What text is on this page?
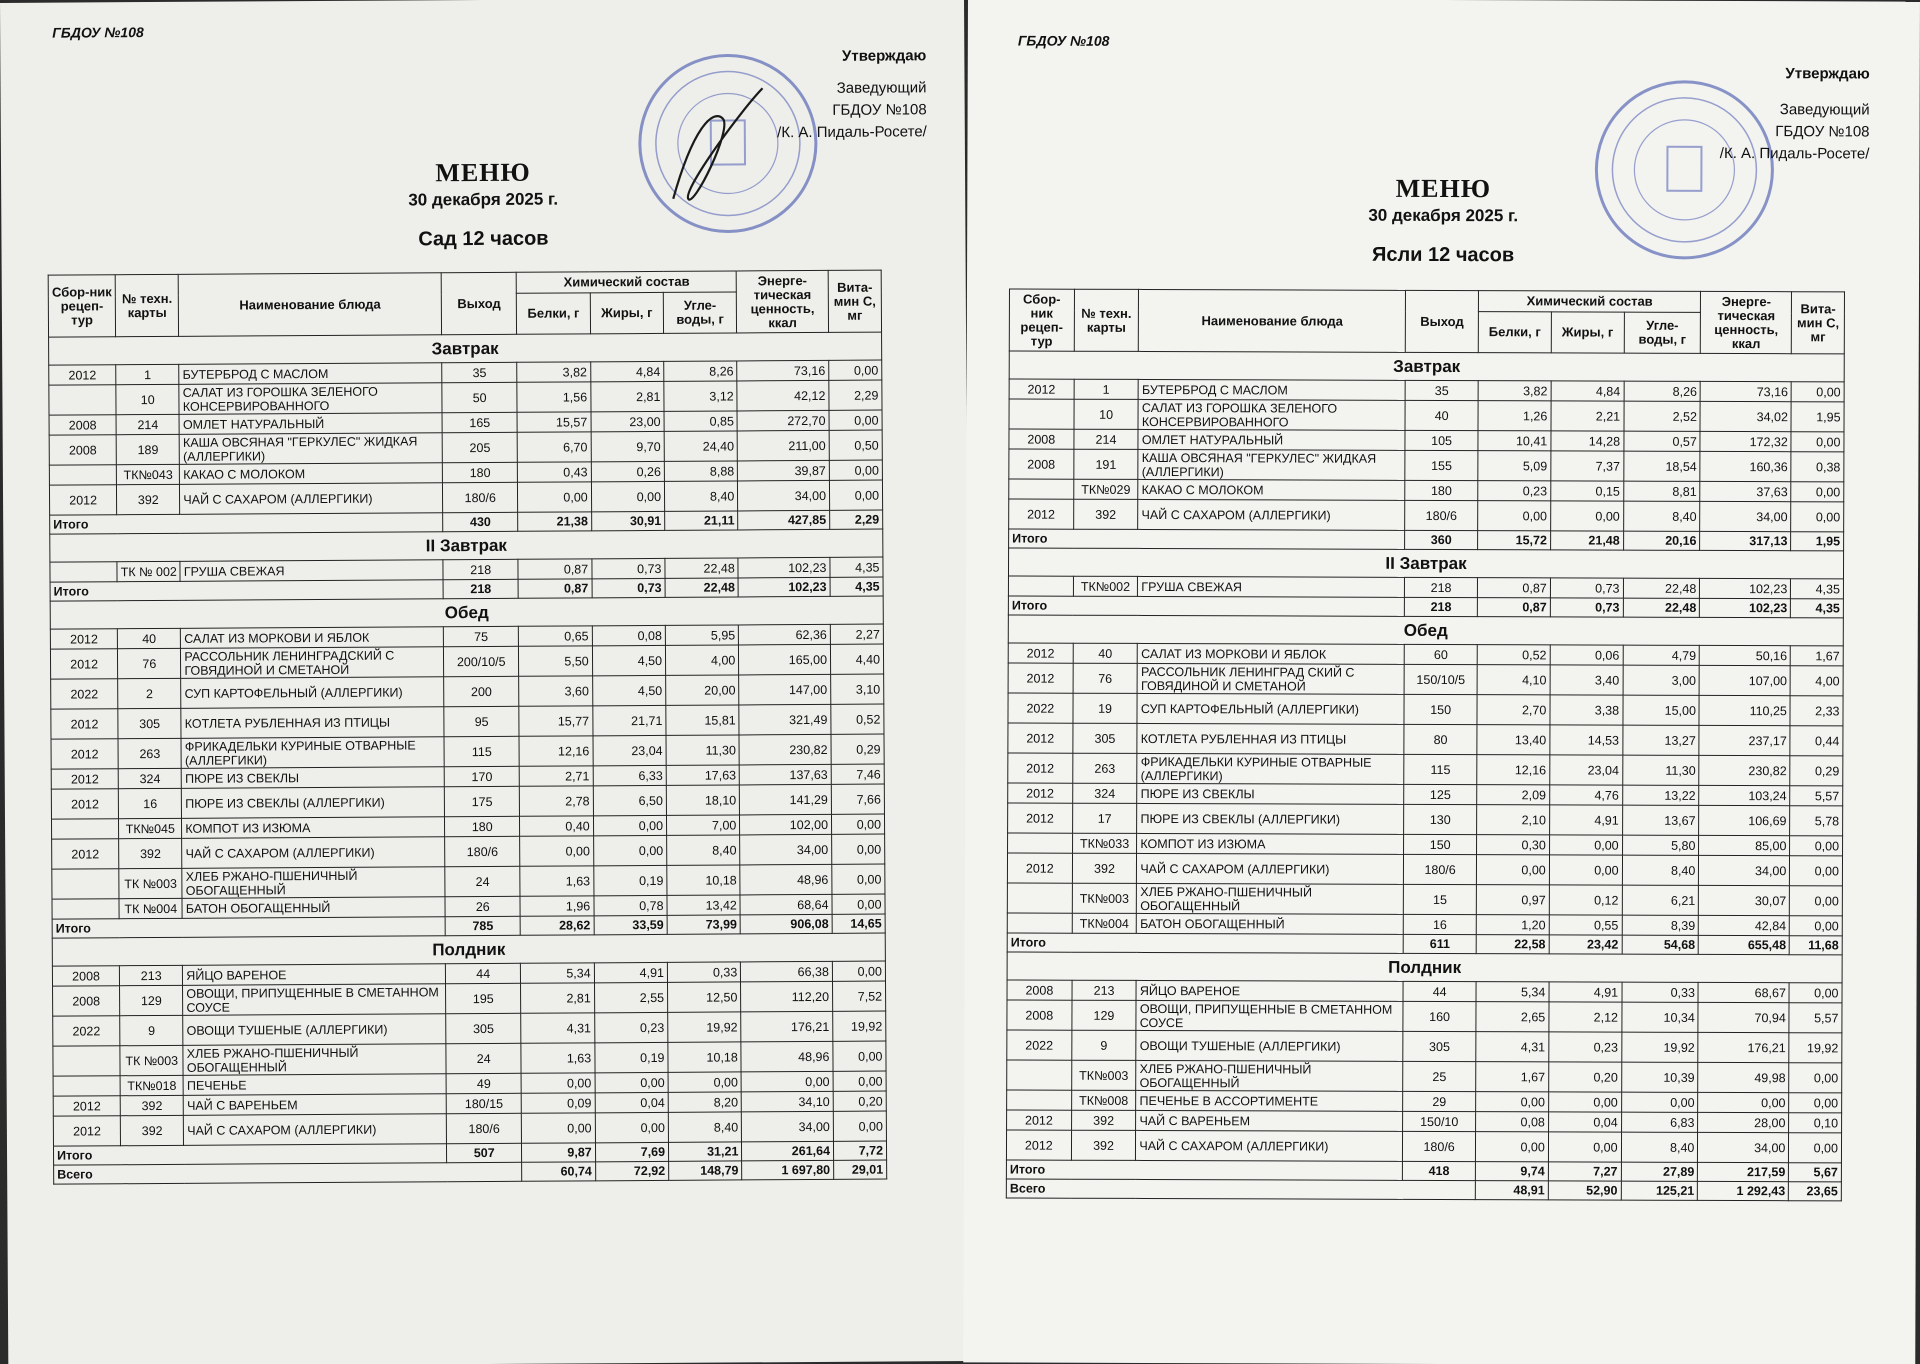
ГБДОУ №108
Утверждаю
Заведующий
ГБДОУ №108
/К. А. Пидаль-Росете/
МЕНЮ
30 декабря 2025 г.
Сад 12 часов
Сбор-ник рецеп-тур	№ техн. карты	Наименование блюда	Выход	Химический состав			Энерге-тическая ценность, ккал	Вита-мин С, мг
				Белки, г	Жиры, г	Угле-воды, г		
Завтрак								
2012	1	БУТЕРБРОД С МАСЛОМ	35	3,82	4,84	8,26	73,16	0,00
	10	САЛАТ ИЗ ГОРОШКА ЗЕЛЕНОГО КОНСЕРВИРОВАННОГО	50	1,56	2,81	3,12	42,12	2,29
2008	214	ОМЛЕТ НАТУРАЛЬНЫЙ	165	15,57	23,00	0,85	272,70	0,00
2008	189	КАША ОВСЯНАЯ "ГЕРКУЛЕС" ЖИДКАЯ (АЛЛЕРГИКИ)	205	6,70	9,70	24,40	211,00	0,50
	ТК№043	КАКАО С МОЛОКОМ	180	0,43	0,26	8,88	39,87	0,00
2012	392	ЧАЙ С САХАРОМ (АЛЛЕРГИКИ)	180/6	0,00	0,00	8,40	34,00	0,00
Итого			430	21,38	30,91	21,11	427,85	2,29
II Завтрак								
	ТК № 002	ГРУША СВЕЖАЯ	218	0,87	0,73	22,48	102,23	4,35
Итого			218	0,87	0,73	22,48	102,23	4,35
Обед								
2012	40	САЛАТ ИЗ МОРКОВИ И ЯБЛОК	75	0,65	0,08	5,95	62,36	2,27
2012	76	РАССОЛЬНИК ЛЕНИНГРАДСКИЙ С ГОВЯДИНОЙ И СМЕТАНОЙ	200/10/5	5,50	4,50	4,00	165,00	4,40
2022	2	СУП КАРТОФЕЛЬНЫЙ (АЛЛЕРГИКИ)	200	3,60	4,50	20,00	147,00	3,10
2012	305	КОТЛЕТА РУБЛЕННАЯ ИЗ ПТИЦЫ	95	15,77	21,71	15,81	321,49	0,52
2012	263	ФРИКАДЕЛЬКИ КУРИНЫЕ ОТВАРНЫЕ (АЛЛЕРГИКИ)	115	12,16	23,04	11,30	230,82	0,29
2012	324	ПЮРЕ ИЗ СВЕКЛЫ	170	2,71	6,33	17,63	137,63	7,46
2012	16	ПЮРЕ ИЗ СВЕКЛЫ (АЛЛЕРГИКИ)	175	2,78	6,50	18,10	141,29	7,66
	ТК№045	КОМПОТ ИЗ ИЗЮМА	180	0,40	0,00	7,00	102,00	0,00
2012	392	ЧАЙ С САХАРОМ (АЛЛЕРГИКИ)	180/6	0,00	0,00	8,40	34,00	0,00
	ТК №003	ХЛЕБ РЖАНО-ПШЕНИЧНЫЙ ОБОГАЩЕННЫЙ	24	1,63	0,19	10,18	48,96	0,00
	ТК №004	БАТОН ОБОГАЩЕННЫЙ	26	1,96	0,78	13,42	68,64	0,00
Итого			785	28,62	33,59	73,99	906,08	14,65
Полдник								
2008	213	ЯЙЦО ВАРЕНОЕ	44	5,34	4,91	0,33	66,38	0,00
2008	129	ОВОЩИ, ПРИПУЩЕННЫЕ В СМЕТАННОМ СОУСЕ	195	2,81	2,55	12,50	112,20	7,52
2022	9	ОВОЩИ ТУШЕНЫЕ (АЛЛЕРГИКИ)	305	4,31	0,23	19,92	176,21	19,92
	ТК №003	ХЛЕБ РЖАНО-ПШЕНИЧНЫЙ ОБОГАЩЕННЫЙ	24	1,63	0,19	10,18	48,96	0,00
	ТК№018	ПЕЧЕНЬЕ	49	0,00	0,00	0,00	0,00	0,00
2012	392	ЧАЙ С ВАРЕНЬЕМ	180/15	0,09	0,04	8,20	34,10	0,20
2012	392	ЧАЙ С САХАРОМ (АЛЛЕРГИКИ)	180/6	0,00	0,00	8,40	34,00	0,00
Итого			507	9,87	7,69	31,21	261,64	7,72
Всего				60,74	72,92	148,79	1 697,80	29,01
ГБДОУ №108
Утверждаю
Заведующий
ГБДОУ №108
/К. А. Пидаль-Росете/
МЕНЮ
30 декабря 2025 г.
Ясли 12 часов
Сбор-ник рецеп-тур	№ техн. карты	Наименование блюда	Выход	Химический состав			Энерге-тическая ценность, ккал	Вита-мин С, мг
				Белки, г	Жиры, г	Угле-воды, г		
Завтрак								
2012	1	БУТЕРБРОД С МАСЛОМ	35	3,82	4,84	8,26	73,16	0,00
	10	САЛАТ ИЗ ГОРОШКА ЗЕЛЕНОГО КОНСЕРВИРОВАННОГО	40	1,26	2,21	2,52	34,02	1,95
2008	214	ОМЛЕТ НАТУРАЛЬНЫЙ	105	10,41	14,28	0,57	172,32	0,00
2008	191	КАША ОВСЯНАЯ "ГЕРКУЛЕС" ЖИДКАЯ (АЛЛЕРГИКИ)	155	5,09	7,37	18,54	160,36	0,38
	ТК№029	КАКАО С МОЛОКОМ	180	0,23	0,15	8,81	37,63	0,00
2012	392	ЧАЙ С САХАРОМ (АЛЛЕРГИКИ)	180/6	0,00	0,00	8,40	34,00	0,00
Итого			360	15,72	21,48	20,16	317,13	1,95
II Завтрак								
	ТК№002	ГРУША СВЕЖАЯ	218	0,87	0,73	22,48	102,23	4,35
Итого			218	0,87	0,73	22,48	102,23	4,35
Обед								
2012	40	САЛАТ ИЗ МОРКОВИ И ЯБЛОК	60	0,52	0,06	4,79	50,16	1,67
2012	76	РАССОЛЬНИК ЛЕНИНГРАД СКИЙ С ГОВЯДИНОЙ И СМЕТАНОЙ	150/10/5	4,10	3,40	3,00	107,00	4,00
2022	19	СУП КАРТОФЕЛЬНЫЙ (АЛЛЕРГИКИ)	150	2,70	3,38	15,00	110,25	2,33
2012	305	КОТЛЕТА РУБЛЕННАЯ ИЗ ПТИЦЫ	80	13,40	14,53	13,27	237,17	0,44
2012	263	ФРИКАДЕЛЬКИ КУРИНЫЕ ОТВАРНЫЕ (АЛЛЕРГИКИ)	115	12,16	23,04	11,30	230,82	0,29
2012	324	ПЮРЕ ИЗ СВЕКЛЫ	125	2,09	4,76	13,22	103,24	5,57
2012	17	ПЮРЕ ИЗ СВЕКЛЫ (АЛЛЕРГИКИ)	130	2,10	4,91	13,67	106,69	5,78
	ТК№033	КОМПОТ ИЗ ИЗЮМА	150	0,30	0,00	5,80	85,00	0,00
2012	392	ЧАЙ С САХАРОМ (АЛЛЕРГИКИ)	180/6	0,00	0,00	8,40	34,00	0,00
	ТК№003	ХЛЕБ РЖАНО-ПШЕНИЧНЫЙ ОБОГАЩЕННЫЙ	15	0,97	0,12	6,21	30,07	0,00
	ТК№004	БАТОН ОБОГАЩЕННЫЙ	16	1,20	0,55	8,39	42,84	0,00
Итого			611	22,58	23,42	54,68	655,48	11,68
Полдник								
2008	213	ЯЙЦО ВАРЕНОЕ	44	5,34	4,91	0,33	68,67	0,00
2008	129	ОВОЩИ, ПРИПУЩЕННЫЕ В СМЕТАННОМ СОУСЕ	160	2,65	2,12	10,34	70,94	5,57
2022	9	ОВОЩИ ТУШЕНЫЕ (АЛЛЕРГИКИ)	305	4,31	0,23	19,92	176,21	19,92
	ТК№003	ХЛЕБ РЖАНО-ПШЕНИЧНЫЙ ОБОГАЩЕННЫЙ	25	1,67	0,20	10,39	49,98	0,00
	ТК№008	ПЕЧЕНЬЕ В АССОРТИМЕНТЕ	29	0,00	0,00	0,00	0,00	0,00
2012	392	ЧАЙ С ВАРЕНЬЕМ	150/10	0,08	0,04	6,83	28,00	0,10
2012	392	ЧАЙ С САХАРОМ (АЛЛЕРГИКИ)	180/6	0,00	0,00	8,40	34,00	0,00
Итого			418	9,74	7,27	27,89	217,59	5,67
Всего				48,91	52,90	125,21	1 292,43	23,65
